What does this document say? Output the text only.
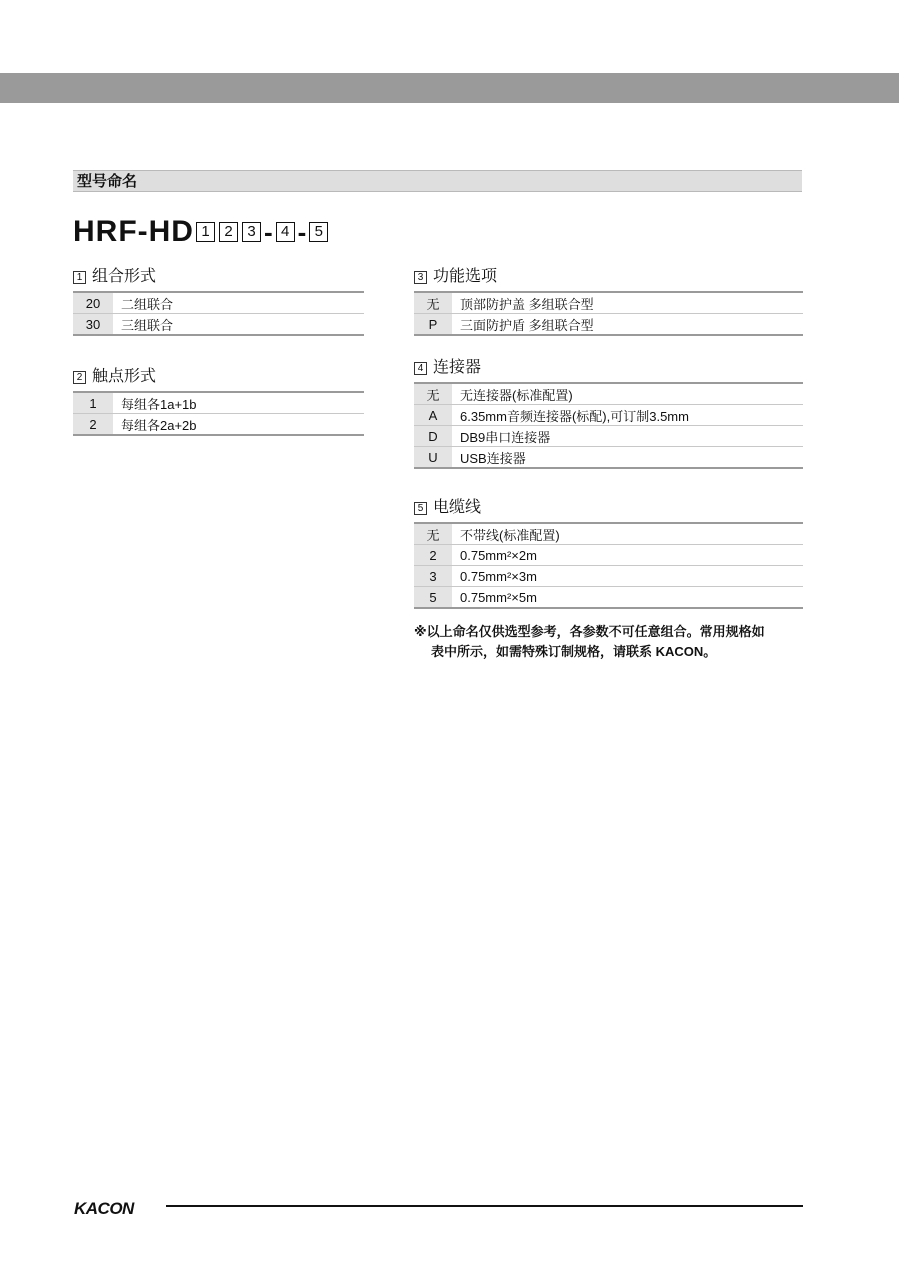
型号命名
HRF-HD 1 2 3 - 4 - 5
1 组合形式
20	二组联合
30	三组联合
2 触点形式
1	每组各1a+1b
2	每组各2a+2b
3 功能选项
无	顶部防护盖 多组联合型
P	三面防护盾 多组联合型
4 连接器
无	无连接器(标准配置)
A	6.35mm音频连接器(标配),可订制3.5mm
D	DB9串口连接器
U	USB连接器
5 电缆线
无	不带线(标准配置)
2	0.75mm²×2m
3	0.75mm²×3m
5	0.75mm²×5m
※以上命名仅供选型参考，各参数不可任意组合。常用规格如
表中所示，如需特殊订制规格，请联系 KACON。
KACON
